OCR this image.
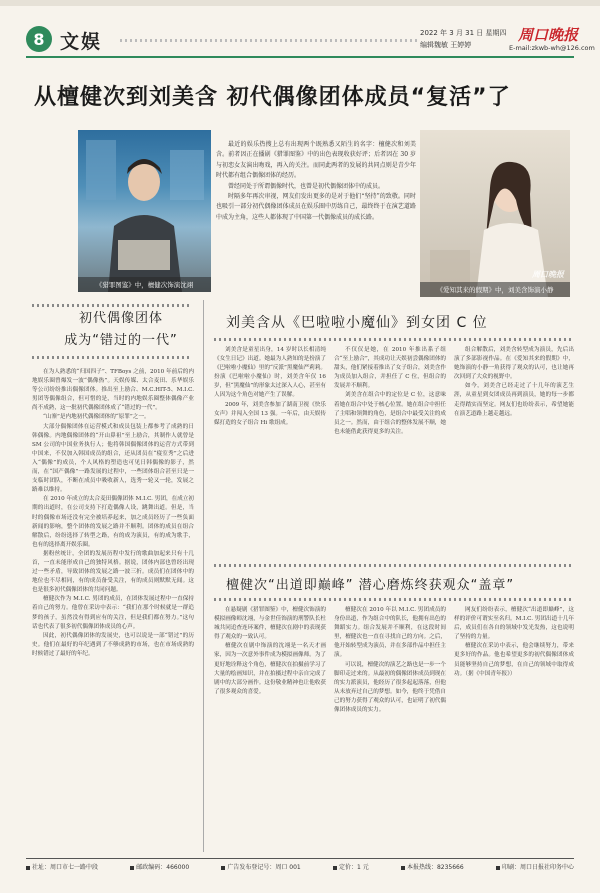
8 文娱	2022 年 3 月 31 日 星期四
编辑魏敏 王婷婷
周口晚报
E-mail:zkwb-wh@126.com
从檀健次到刘美含 初代偶像团体成员“复活”了
《猎罪图鉴》中，檀健次饰演沈翊

最近的娱乐热搜上总有出现两个既熟悉又陌生的名字：檀健次和刘美含。前者因正在播剧《猎罪图鉴》中的出色表现收获好评；后者因在 30 岁与初恋女友演出吻戏，再入的关注。而同此两者的发展的共同点则是青少年时代都有组合偶像团体的经历。

曾经同处于所谓偶像时代，也曾是初代偶像团体中的成员。

时隔多年再次审视，网友们发出更多的是对于他们“坚持”的致敬。同时也吸引一部分初代偶像团体成员在娱乐圈中历练自己，最终终于在演艺道路中成为主角，这些人都体现了中国第一代偶像成员的成长路。

周口晚报
《爱知其来的假期》中，刘美含饰演小静
初代偶像团体
成为“错过的一代”
刘美含从《巴啦啦小魔仙》到女团 C 位

在为人熟悉的“归国四子”、TFBoys 之前，2010 年前后的内地娱乐圈曾爆发一波“偶像热”。天娱传媒、太合麦田、乐华娱乐等公司纷纷推出偶像团体。推出至上励合、M.C.HIT-5、M.I.C. 男团等偶像组合，但可惜的是，当时的内地娱乐圈整体偶像产业尚不成熟，这一批初代偶像团体成了“错过的一代”。

“山寨”是内地初代偶像团体的“原罪”之一。

大部分偶像团体在运营模式和成员包装上都参考了成熟的日韩偶像。内地偶像团体的“开山鼻祖”至上励合，其制作人就曾是 SM 公司的中国业务执行人；他将韩国偶像团体的运营方式带到中国来，不仅加入韩国成员的组合，还从团员在“寝室秀”之后进入“偶像”的成员，个人风格的塑造也可见日韩偶像的影子，然而，在“国产偶像”一路发展的过程中，一些团体组合甚至只是一支临时团队，不断在成员中吸收新人，选秀一轮又一轮，发展之路难以维持。

在 2010 年成立的太合麦田偶像团体 M.I.C. 男团，在成立初期的出道时，在公司支持下打造偶像人设，跳舞出道。但是，当时的偶像市场还没有完全被培养起来，加之成员经历了一些负面新闻的影响，整个团体的发展之路并不顺利。团体的成员在组合解散后，纷纷选择了转型之路，有的成为演员，有的成为歌手，也有的选择离开娱乐圈。

据粉丝统计，全团的发展历程中发行的歌曲加起来只有十几首，一直未能形成自己的独特风格。据说，团体内部也曾经出现过一些矛盾，导致团体的发展之路一波三折。成员们在团体中的地位也不尽相同，有的成员备受关注，有的成员则默默无闻。这也是很多初代偶像团体的共同问题。

檀健次作为 M.I.C. 男团的成员，在团体发展过程中一直保持着自己的努力。他曾在采访中表示：“我们在那个时候就是一群追梦的孩子，虽然没有得到应有的关注，但是我们都在努力。”这句话也代表了很多初代偶像团体成员的心声。

因此，初代偶像团体的发展史，也可以说是一部“错过”的历史。他们在最好的年纪遇到了不够成熟的市场，也在市场成熟的时候错过了最好的年纪。

刘美含是童星出身，14 岁时以长相清纯《女生日记》出道。她最为人熟知的是扮演了《巴啦啦小魔仙》里的“反派”黑魔仙严莉莉。扮演《巴啦啦小魔仙》时，刘美含年仅 16 岁，但“黑魔仙”的形象太过深入人心，甚至有人因为这个角色对她产生了误解。

2009 年，刘美含参加了湖南卫视《快乐女声》并闯入全国 13 强。一年后，由天娱传媒打造的女子组合 Hi 歌组成。

不仅仅是她，在 2010 年推出系子组合“至上励合”，其成功让天娱初尝偶像团体的甜头，他们紧接着推出了女子组合，刘美含作为成员加入组合，并担任了 C 位，但组合的发展并不顺利。

刘美含在组合中的定位是 C 位，这意味着她在组合中处于核心位置。她在组合中担任了主唱和领舞的角色，是组合中最受关注的成员之一。然而，由于组合的整体发展不顺，她也未能借此获得更多的关注。

组合解散后，刘美含转型成为演员，先后出演了多部影视作品。在《爱知其来的假期》中，她饰演的小静一角获得了观众的认可，也让她再次回到了大众的视野中。

如今，刘美含已经走过了十几年的演艺生涯，从童星到女团成员再到演员，她的每一步都走得踏实而坚定。网友们也纷纷表示，希望她能在演艺道路上越走越远。

檀健次“出道即巅峰” 潜心磨炼终获观众“盖章”

在悬疑剧《猎罪图鉴》中，檀健次饰演的模拟画像师沈翊，与金世佳饰演的刑警队长杜城共同追查连环案件，檀健次在剧中的表现获得了观众的一致认可。

檀健次在剧中饰演的沈翊是一名天才画家，因为一次意外事件成为模拟画像师。为了更好地诠释这个角色，檀健次在拍摄前学习了大量的绘画知识，并在拍摄过程中亲自完成了剧中的大部分画作。这份敬业精神也让他收获了很多观众的喜爱。

檀健次在 2010 年以 M.I.C. 男团成员的身份出道，作为组合中的队长，他拥有出色的舞蹈实力。组合发展并不顺利，在这段时间里，檀健次也一直在寻找自己的方向。之后，他开始转型成为演员，并在多部作品中担任主演。

可以说，檀健次的演艺之路也是一步一个脚印走过来的。从最初的偶像团体成员到现在的实力派演员，他经历了很多起起落落，但他从未放弃过自己的梦想。如今，他终于凭借自己的努力获得了观众的认可，也证明了初代偶像团体成员的实力。

网友们纷纷表示，檀健次“出道即巅峰”，这样的评价可谓实至名归。M.I.C. 男团出道十几年后，成员们在各自的领域中发光发热，这也说明了坚持的力量。

檀健次在采访中表示，他会继续努力，带来更多好的作品。他也希望更多的初代偶像团体成员能够坚持自己的梦想，在自己的领域中取得成功。（据《中国青年报》）

社址：周口市七一路中段	邮政编码：466000	广告发布登记号：周口 001	定价：1 元	本报热线：8235666	印刷：周口日报社印务中心
